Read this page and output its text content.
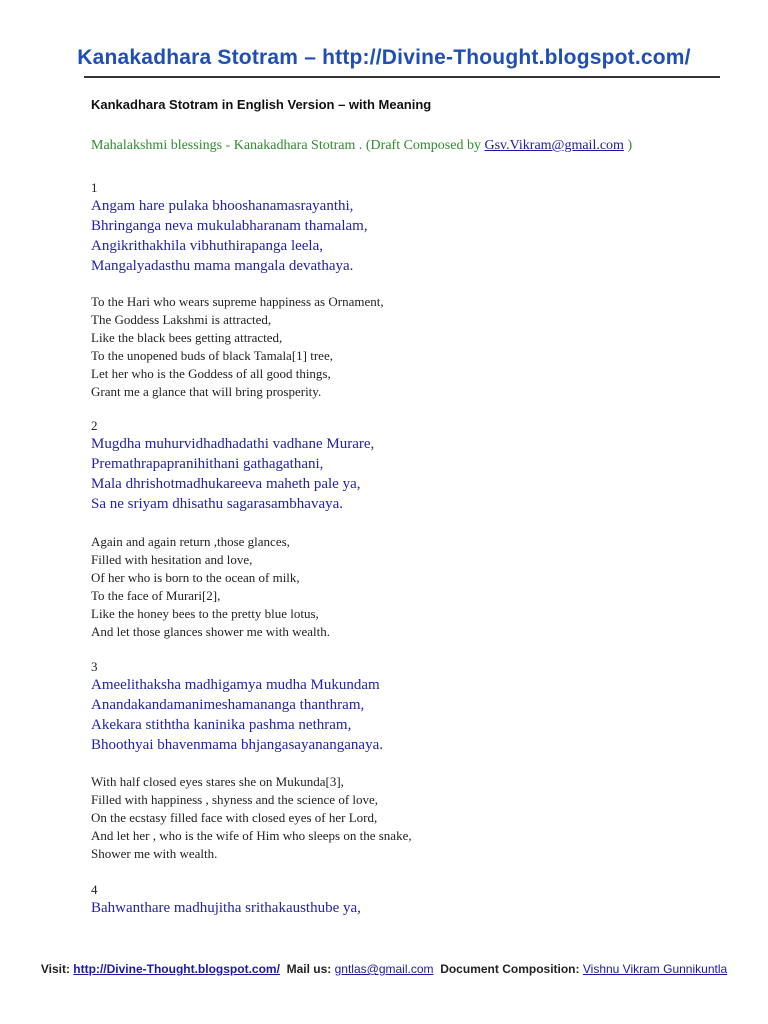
Kanakadhara Stotram – http://Divine-Thought.blogspot.com/
Kankadhara Stotram in English Version – with Meaning
Mahalakshmi blessings - Kanakadhara Stotram . (Draft Composed by Gsv.Vikram@gmail.com )
1
Angam hare pulaka bhooshanamasrayanthi,
Bhringanga neva mukulabharanam thamalam,
Angikrithakhila vibhuthirapanga leela,
Mangalyadasthu mama mangala devathaya.
To the Hari who wears supreme happiness as Ornament,
The Goddess Lakshmi is attracted,
Like the black bees getting attracted,
To the unopened buds of black Tamala[1] tree,
Let her who is the Goddess of all good things,
Grant me a glance that will bring prosperity.
2
Mugdha muhurvidhadhadathi vadhane Murare,
Premathrapapranihithani gathagathani,
Mala dhrishotmadhukareeva maheth pale ya,
Sa ne sriyam dhisathu sagarasambhavaya.
Again and again return ,those glances,
Filled with hesitation and love,
Of her who is born to the ocean of milk,
To the face of Murari[2],
Like the honey bees to the pretty blue lotus,
And let those glances shower me with wealth.
3
Ameelithaksha madhigamya mudha Mukundam
Anandakandamanimeshamananga thanthram,
Akekara stiththa kaninika pashma nethram,
Bhoothyai bhavenmama bhjangasayananganaya.
With half closed eyes stares she on Mukunda[3],
Filled with happiness , shyness and the science of love,
On the ecstasy filled face with closed eyes of her Lord,
And let her , who is the wife of Him who sleeps on the snake,
Shower me with wealth.
4
Bahwanthare madhujitha srithakausthube ya,
Visit: http://Divine-Thought.blogspot.com/ Mail us: gntlas@gmail.com Document Composition: Vishnu Vikram Gunnikuntla
